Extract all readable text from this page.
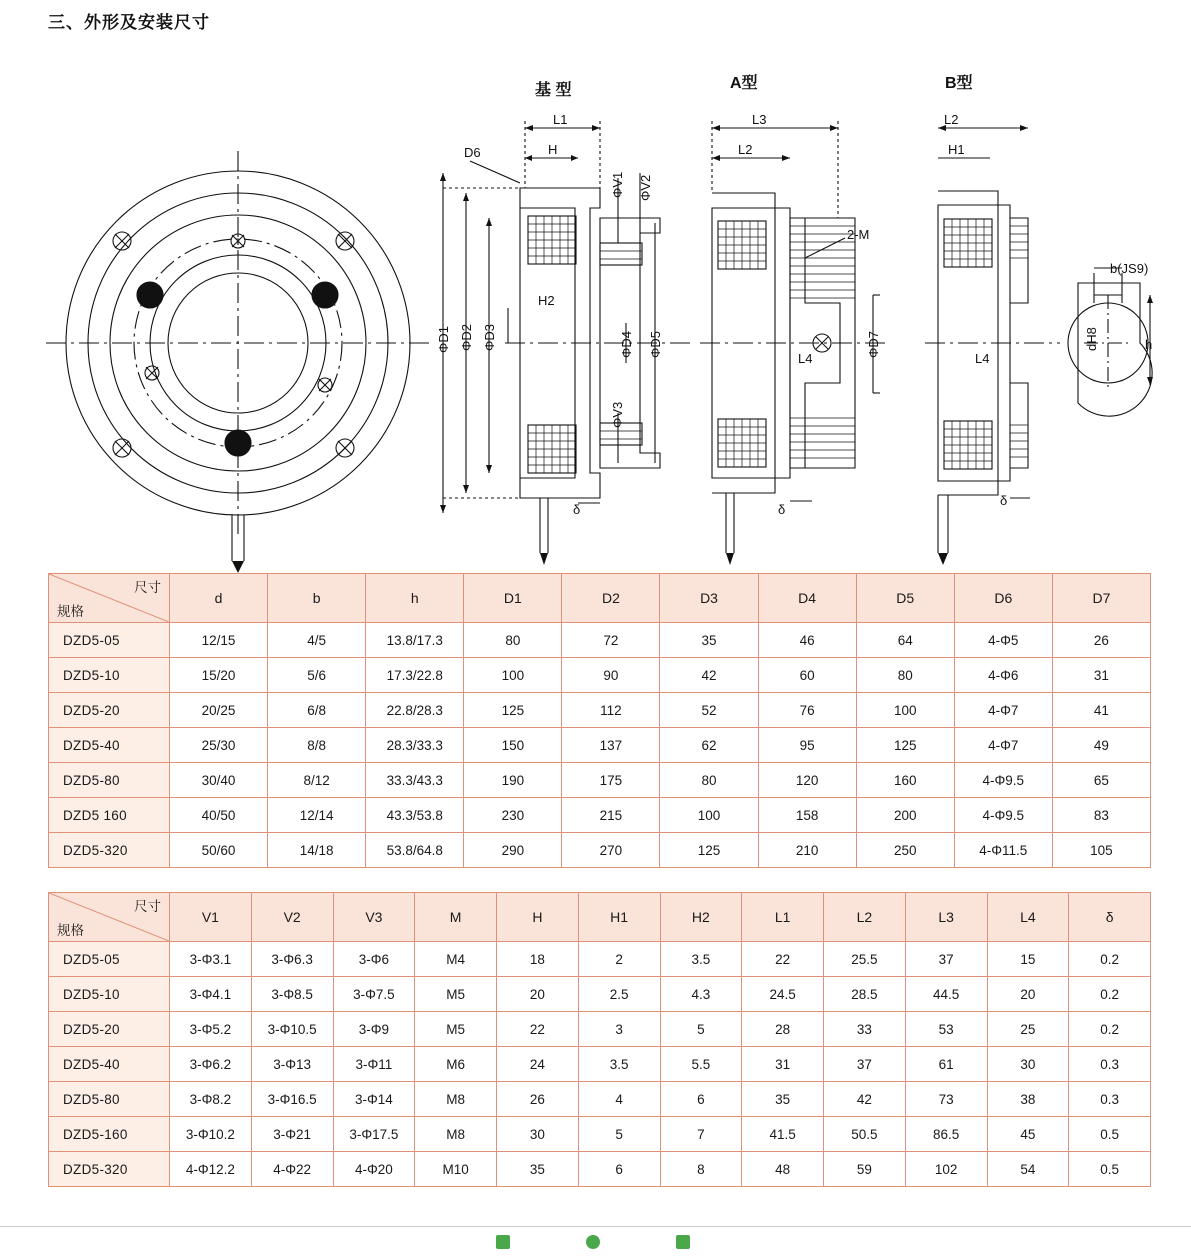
三、外形及安装尺寸
基 型	A型	B型
L1
H
D6
H2
L3
L2
L2
H1
2-M
L4	L4
δ	δ
δ
b(JS9)
h
ΦD1 ΦD2 ΦD3
ΦV1 ΦV2
ΦD4 ΦD5
ΦV3
ΦD7	dH8
尺寸
规格	d	b	h	D1	D2	D3	D4	D5	D6	D7
DZD5-05	12/15	4/5	13.8/17.3	80	72	35	46	64	4-Φ5	26
DZD5-10	15/20	5/6	17.3/22.8	100	90	42	60	80	4-Φ6	31
DZD5-20	20/25	6/8	22.8/28.3	125	112	52	76	100	4-Φ7	41
DZD5-40	25/30	8/8	28.3/33.3	150	137	62	95	125	4-Φ7	49
DZD5-80	30/40	8/12	33.3/43.3	190	175	80	120	160	4-Φ9.5	65
DZD5 160	40/50	12/14	43.3/53.8	230	215	100	158	200	4-Φ9.5	83
DZD5-320	50/60	14/18	53.8/64.8	290	270	125	210	250	4-Φ11.5	105
尺寸
规格	V1	V2	V3	M	H	H1	H2	L1	L2	L3	L4	δ
DZD5-05	3-Φ3.1	3-Φ6.3	3-Φ6	M4	18	2	3.5	22	25.5	37	15	0.2
DZD5-10	3-Φ4.1	3-Φ8.5	3-Φ7.5	M5	20	2.5	4.3	24.5	28.5	44.5	20	0.2
DZD5-20	3-Φ5.2	3-Φ10.5	3-Φ9	M5	22	3	5	28	33	53	25	0.2
DZD5-40	3-Φ6.2	3-Φ13	3-Φ11	M6	24	3.5	5.5	31	37	61	30	0.3
DZD5-80	3-Φ8.2	3-Φ16.5	3-Φ14	M8	26	4	6	35	42	73	38	0.3
DZD5-160	3-Φ10.2	3-Φ21	3-Φ17.5	M8	30	5	7	41.5	50.5	86.5	45	0.5
DZD5-320	4-Φ12.2	4-Φ22	4-Φ20	M10	35	6	8	48	59	102	54	0.5
